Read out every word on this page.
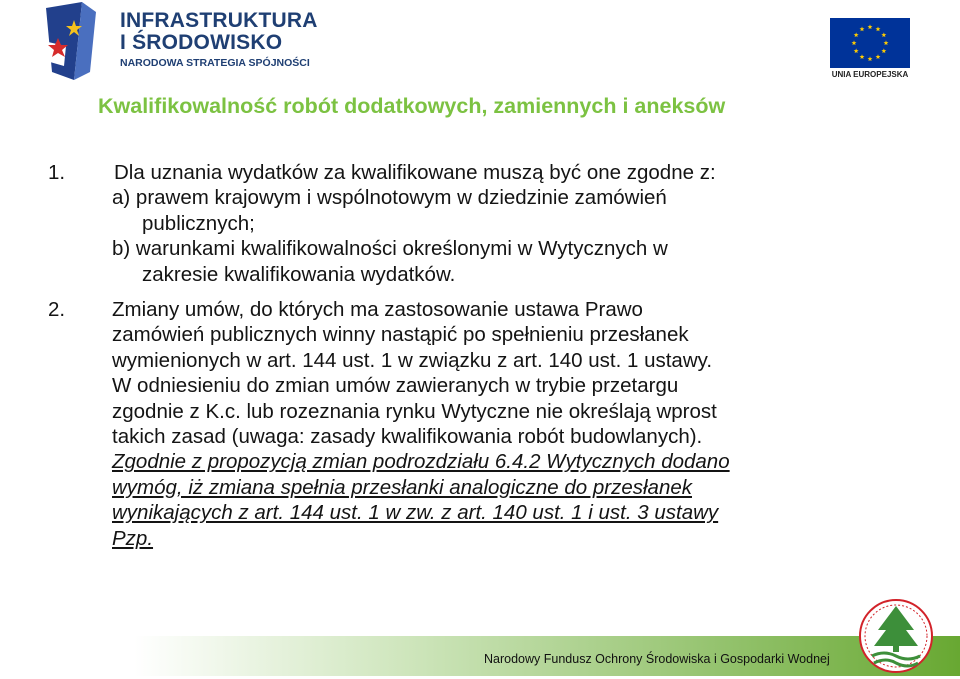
INFRASTRUKTURA
I ŚRODOWISKO
NARODOWA STRATEGIA SPÓJNOŚCI
UNIA EUROPEJSKA
Kwalifikowalność robót dodatkowych, zamiennych i aneksów
1. Dla uznania wydatków za kwalifikowane muszą być one zgodne z:
a) prawem krajowym i wspólnotowym w dziedzinie zamówień
publicznych;
b) warunkami kwalifikowalności określonymi w Wytycznych w
zakresie kwalifikowania wydatków.
2. Zmiany umów, do których ma zastosowanie ustawa Prawo
zamówień publicznych winny nastąpić po spełnieniu przesłanek
wymienionych w art. 144 ust. 1 w związku z art. 140 ust. 1 ustawy.
W odniesieniu do zmian umów zawieranych w trybie przetargu
zgodnie z K.c. lub rozeznania rynku Wytyczne nie określają wprost
takich zasad (uwaga: zasady kwalifikowania robót budowlanych).
Zgodnie z propozycją zmian podrozdziału 6.4.2 Wytycznych dodano
wymóg, iż zmiana spełnia przesłanki analogiczne do przesłanek
wynikających z art. 144 ust. 1 w zw. z art. 140 ust. 1 i ust. 3 ustawy
Pzp.
Narodowy Fundusz Ochrony Środowiska i Gospodarki Wodnej
